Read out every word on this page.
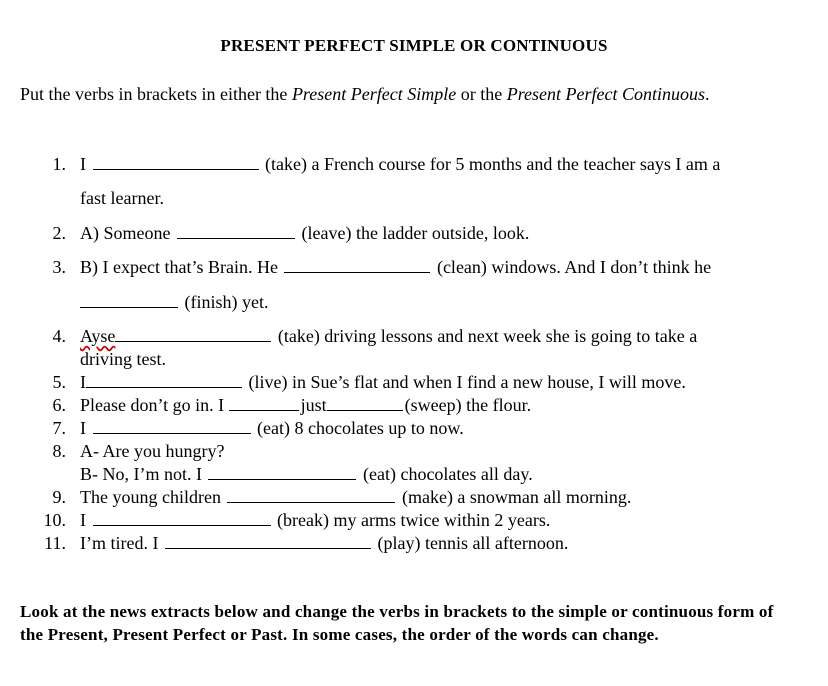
PRESENT PERFECT SIMPLE OR CONTINUOUS
Put the verbs in brackets in either the Present Perfect Simple or the Present Perfect Continuous.
1. I	(take) a French course for 5 months and the teacher says I am a
fast learner.
2. A) Someone	(leave) the ladder outside, look.
3. B) I expect that’s Brain. He	(clean) windows. And I don’t think he
(finish) yet.
4. Ayse	(take) driving lessons and next week she is going to take a
driving test.
5. I	(live) in Sue’s flat and when I find a new house, I will move.
6. Please don’t go in. I	just	(sweep) the flour.
7. I	(eat) 8 chocolates up to now.
8. A- Are you hungry?
B- No, I’m not. I	(eat) chocolates all day.
9. The young children	(make) a snowman all morning.
10. I	(break) my arms twice within 2 years.
11. I’m tired. I	(play) tennis all afternoon.
Look at the news extracts below and change the verbs in brackets to the simple or continuous form of the Present, Present Perfect or Past. In some cases, the order of the words can change.
